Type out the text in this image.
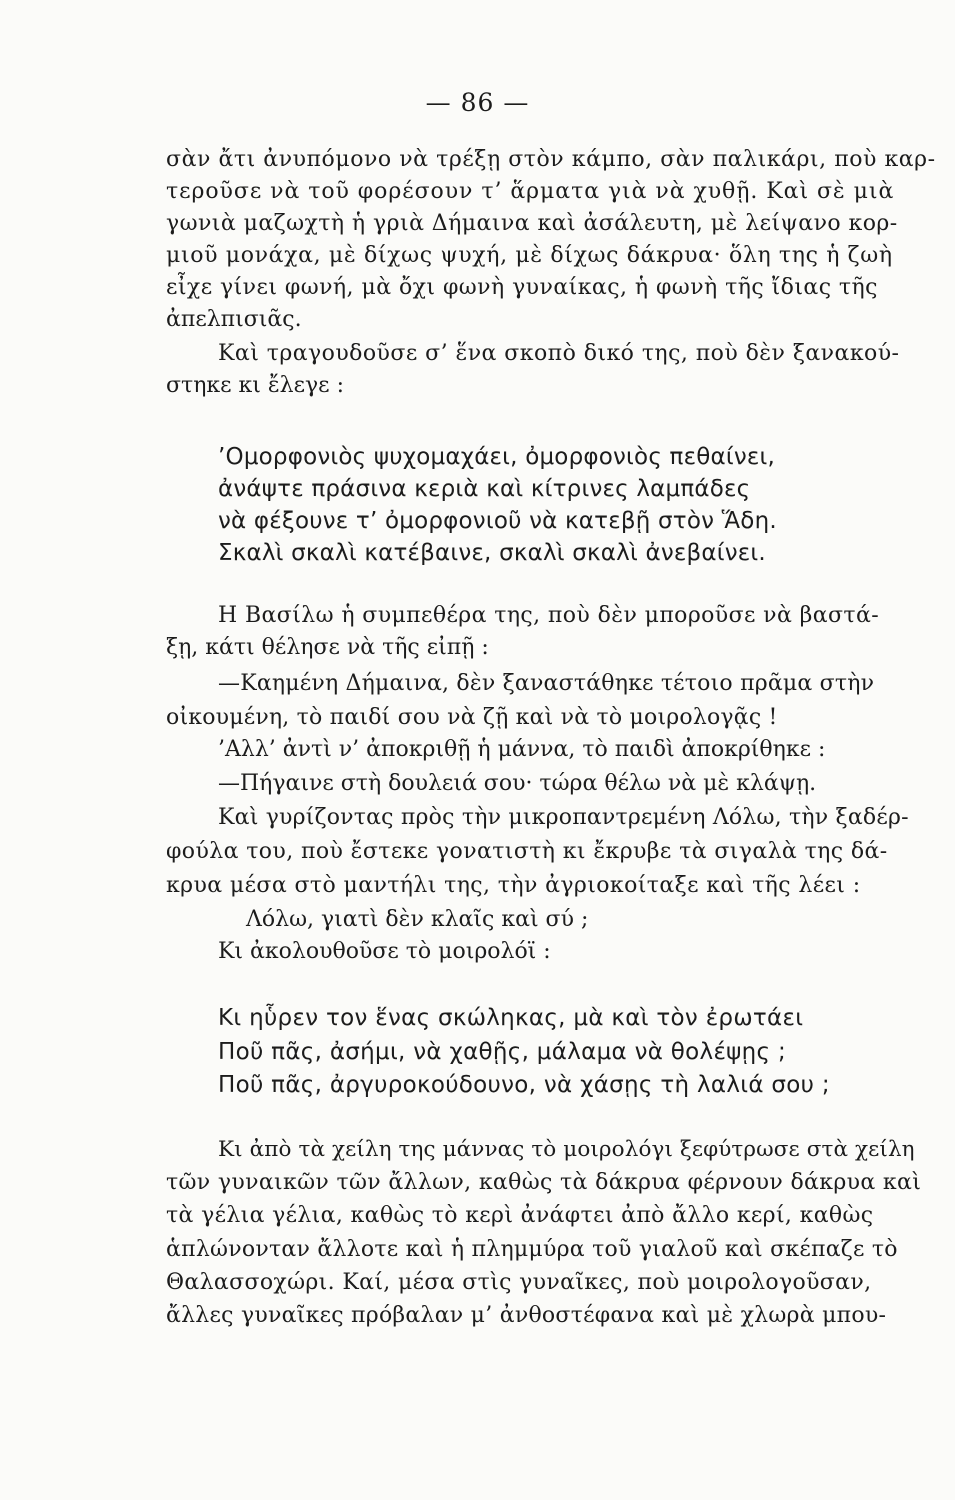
— 86 —
σὰν ἄτι ἀνυπόμονο νὰ τρέξῃ στὸν κάμπο, σὰν παλικάρι, ποὺ καρ-
τεροῦσε νὰ τοῦ φορέσουν τ’ ἅρματα γιὰ νὰ χυθῇ. Καὶ σὲ μιὰ
γωνιὰ μαζωχτὴ ἡ γριὰ Δήμαινα καὶ ἀσάλευτη, μὲ λείψανο κορ-
μιοῦ μονάχα, μὲ δίχως ψυχή, μὲ δίχως δάκρυα· ὅλη της ἡ ζωὴ
εἶχε γίνει φωνή, μὰ ὄχι φωνὴ γυναίκας, ἡ φωνὴ τῆς ἴδιας τῆς
ἀπελπισιᾶς.
Καὶ τραγουδοῦσε σ’ ἕνα σκοπὸ δικό της, ποὺ δὲν ξανακού-
στηκε κι ἔλεγε :
’Ομορφονιὸς ψυχομαχάει, ὀμορφονιὸς πεθαίνει,
ἀνάψτε πράσινα κεριὰ καὶ κίτρινες λαμπάδες
νὰ φέξουνε τ’ ὀμορφονιοῦ νὰ κατεβῇ στὸν Ἅδη.
Σκαλὶ σκαλὶ κατέβαινε, σκαλὶ σκαλὶ ἀνεβαίνει.
Η Βασίλω ἡ συμπεθέρα της, ποὺ δὲν μποροῦσε νὰ βαστά-
ξῃ, κάτι θέλησε νὰ τῆς εἰπῇ :
—Καημένη Δήμαινα, δὲν ξαναστάθηκε τέτοιο πρᾶμα στὴν
οἰκουμένη, τὸ παιδί σου νὰ ζῇ καὶ νὰ τὸ μοιρολογᾷς !
’Αλλ’ ἀντὶ ν’ ἀποκριθῇ ἡ μάννα, τὸ παιδὶ ἀποκρίθηκε :
—Πήγαινε στὴ δουλειά σου· τώρα θέλω νὰ μὲ κλάψῃ.
Καὶ γυρίζοντας πρὸς τὴν μικροπαντρεμένη Λόλω, τὴν ξαδέρ-
φούλα του, ποὺ ἔστεκε γονατιστὴ κι ἔκρυβε τὰ σιγαλὰ της δά-
κρυα μέσα στὸ μαντήλι της, τὴν ἀγριοκοίταξε καὶ τῆς λέει :
Λόλω, γιατὶ δὲν κλαῖς καὶ σύ ;
Κι ἀκολουθοῦσε τὸ μοιρολόϊ :
Κι ηὗρεν τον ἕνας σκώληκας, μὰ καὶ τὸν ἐρωτάει
Ποῦ πᾶς, ἀσήμι, νὰ χαθῇς, μάλαμα νὰ θολέψῃς ;
Ποῦ πᾶς, ἀργυροκούδουνο, νὰ χάσῃς τὴ λαλιά σου ;
Κι ἀπὸ τὰ χείλη της μάννας τὸ μοιρολόγι ξεφύτρωσε στὰ χείλη
τῶν γυναικῶν τῶν ἄλλων, καθὼς τὰ δάκρυα φέρνουν δάκρυα καὶ
τὰ γέλια γέλια, καθὼς τὸ κερὶ ἀνάφτει ἀπὸ ἄλλο κερί, καθὼς
ἁπλώνονταν ἄλλοτε καὶ ἡ πλημμύρα τοῦ γιαλοῦ καὶ σκέπαζε τὸ
Θαλασσοχώρι. Καί, μέσα στὶς γυναῖκες, ποὺ μοιρολογοῦσαν,
ἄλλες γυναῖκες πρόβαλαν μ’ ἀνθοστέφανα καὶ μὲ χλωρὰ μπου-
